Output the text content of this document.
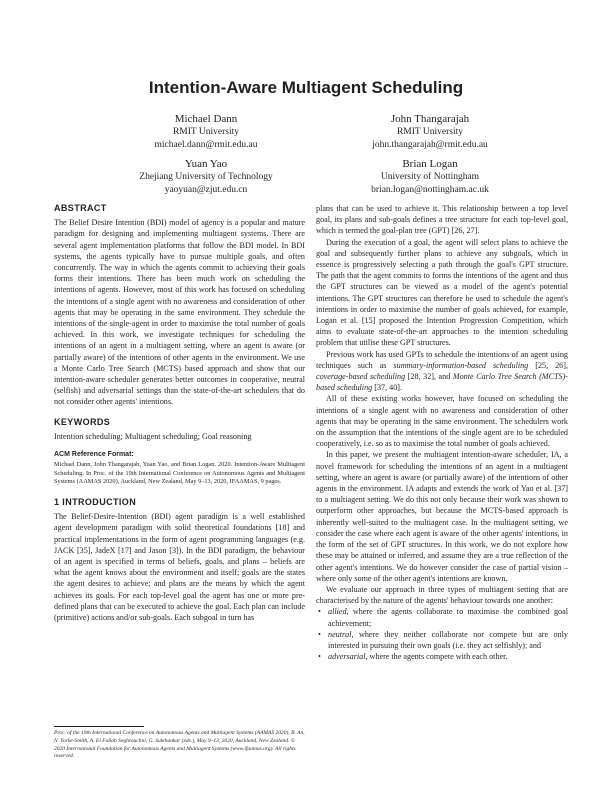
Intention-Aware Multiagent Scheduling
Michael Dann
RMIT University
michael.dann@rmit.edu.au
John Thangarajah
RMIT University
john.thangarajah@rmit.edu.au
Yuan Yao
Zhejiang University of Technology
yaoyuan@zjut.edu.cn
Brian Logan
University of Nottingham
brian.logan@nottingham.ac.uk
ABSTRACT

The Belief Desire Intention (BDI) model of agency is a popular and mature paradigm for designing and implementing multiagent systems. There are several agent implementation platforms that follow the BDI model. In BDI systems, the agents typically have to pursue multiple goals, and often concurrently. The way in which the agents commit to achieving their goals forms their intentions. There has been much work on scheduling the intentions of agents. However, most of this work has focused on scheduling the intentions of a single agent with no awareness and consideration of other agents that may be operating in the same environment. They schedule the intentions of the single-agent in order to maximise the total number of goals achieved. In this work, we investigate techniques for scheduling the intentions of an agent in a multiagent setting, where an agent is aware (or partially aware) of the intentions of other agents in the environment. We use a Monte Carlo Tree Search (MCTS) based approach and show that our intention-aware scheduler generates better outcomes in cooperative, neutral (selfish) and adversarial settings than the state-of-the-art schedulers that do not consider other agents' intentions.

KEYWORDS

Intention scheduling; Multiagent scheduling; Goal reasoning

ACM Reference Format:

Michael Dann, John Thangarajah, Yuan Yao, and Brian Logan. 2020. Intention-Aware Multiagent Scheduling. In Proc. of the 19th International Conference on Autonomous Agents and Multiagent Systems (AAMAS 2020), Auckland, New Zealand, May 9–13, 2020, IFAAMAS, 9 pages.

1 INTRODUCTION

The Belief-Desire-Intention (BDI) agent paradigm is a well established agent development paradigm with solid theoretical foundations [18] and practical implementations in the form of agent programming languages (e.g. JACK [35], JadeX [17] and Jason [3]). In the BDI paradigm, the behaviour of an agent is specified in terms of beliefs, goals, and plans – beliefs are what the agent knows about the environment and itself; goals are the states the agent desires to achieve; and plans are the means by which the agent achieves its goals. For each top-level goal the agent has one or more pre-defined plans that can be executed to achieve the goal. Each plan can include (primitive) actions and/or sub-goals. Each subgoal in turn has

Proc. of the 19th International Conference on Autonomous Agents and Multiagent Systems (AAMAS 2020), B. An, N. Yorke-Smith, A. El Fallah Seghrouchni, G. Sukthankar (eds.), May 9–13, 2020, Auckland, New Zealand. © 2020 International Foundation for Autonomous Agents and Multiagent Systems (www.ifaamas.org). All rights reserved.

plans that can be used to achieve it. This relationship between a top level goal, its plans and sub-goals defines a tree structure for each top-level goal, which is termed the goal-plan tree (GPT) [26, 27].

During the execution of a goal, the agent will select plans to achieve the goal and subsequently further plans to achieve any subgoals, which in essence is progressively selecting a path through the goal's GPT structure. The path that the agent commits to forms the intentions of the agent and thus the GPT structures can be viewed as a model of the agent's potential intentions. The GPT structures can therefore be used to schedule the agent's intentions in order to maximise the number of goals achieved, for example, Logan et al. [15] proposed the Intention Progression Competition, which aims to evaluate state-of-the-art approaches to the intention scheduling problem that utilise these GPT structures.

Previous work has used GPTs to schedule the intentions of an agent using techniques such as summary-information-based scheduling [25, 26], coverage-based scheduling [28, 32], and Monte Carlo Tree Search (MCTS)-based scheduling [37, 40].

All of these existing works however, have focused on scheduling the intentions of a single agent with no awareness and consideration of other agents that may be operating in the same environment. The schedulers work on the assumption that the intentions of the single agent are to be scheduled cooperatively, i.e. so as to maximise the total number of goals achieved.

In this paper, we present the multiagent intention-aware scheduler, IA, a novel framework for scheduling the intentions of an agent in a multiagent setting, where an agent is aware (or partially aware) of the intentions of other agents in the environment. IA adapts and extends the work of Yao et al. [37] to a multiagent setting. We do this not only because their work was shown to outperform other approaches, but because the MCTS-based approach is inherently well-suited to the multiagent case. In the multiagent setting, we consider the case where each agent is aware of the other agents' intentions, in the form of the set of GPT structures. In this work, we do not explore how these may be attained or inferred, and assume they are a true reflection of the other agent's intentions. We do however consider the case of partial vision – where only some of the other agent's intentions are known.

We evaluate our approach in three types of multiagent setting that are characterised by the nature of the agents' behaviour towards one another:

• allied, where the agents collaborate to maximise the combined goal achievement;
• neutral, where they neither collaborate nor compete but are only interested in pursuing their own goals (i.e. they act selfishly); and
• adversarial, where the agents compete with each other.
